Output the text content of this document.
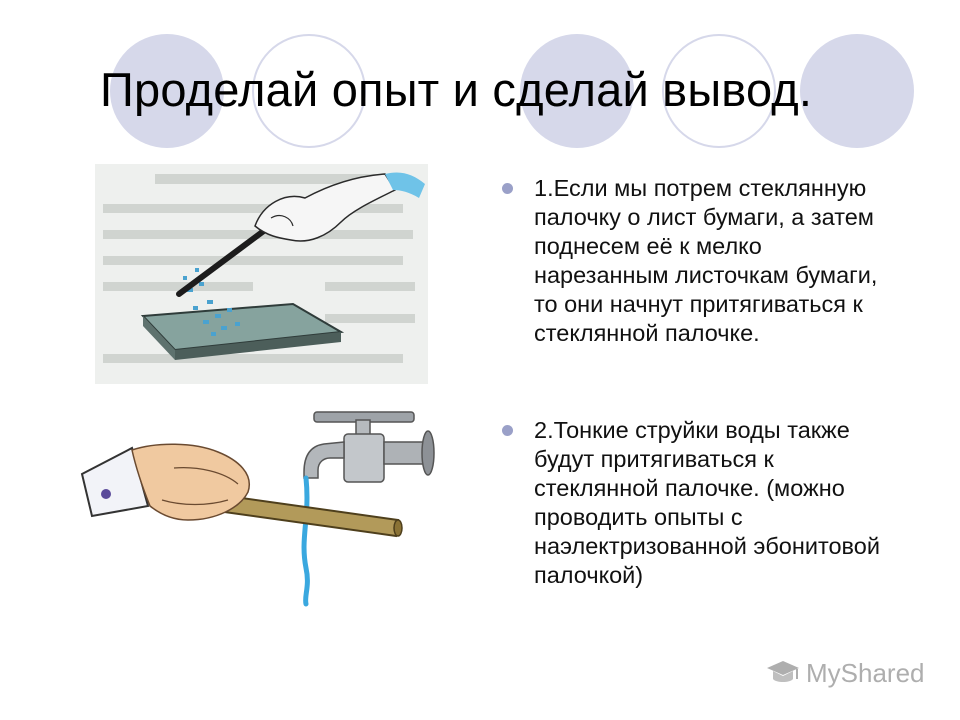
Проделай опыт и сделай вывод.
1.Если мы потрем стеклянную палочку о лист бумаги, а затем поднесем её к мелко нарезанным листочкам бумаги, то они начнут притягиваться к стеклянной палочке.
2.Тонкие струйки воды также будут притягиваться к стеклянной палочке. (можно проводить опыты с наэлектризованной эбонитовой палочкой)
MyShared
